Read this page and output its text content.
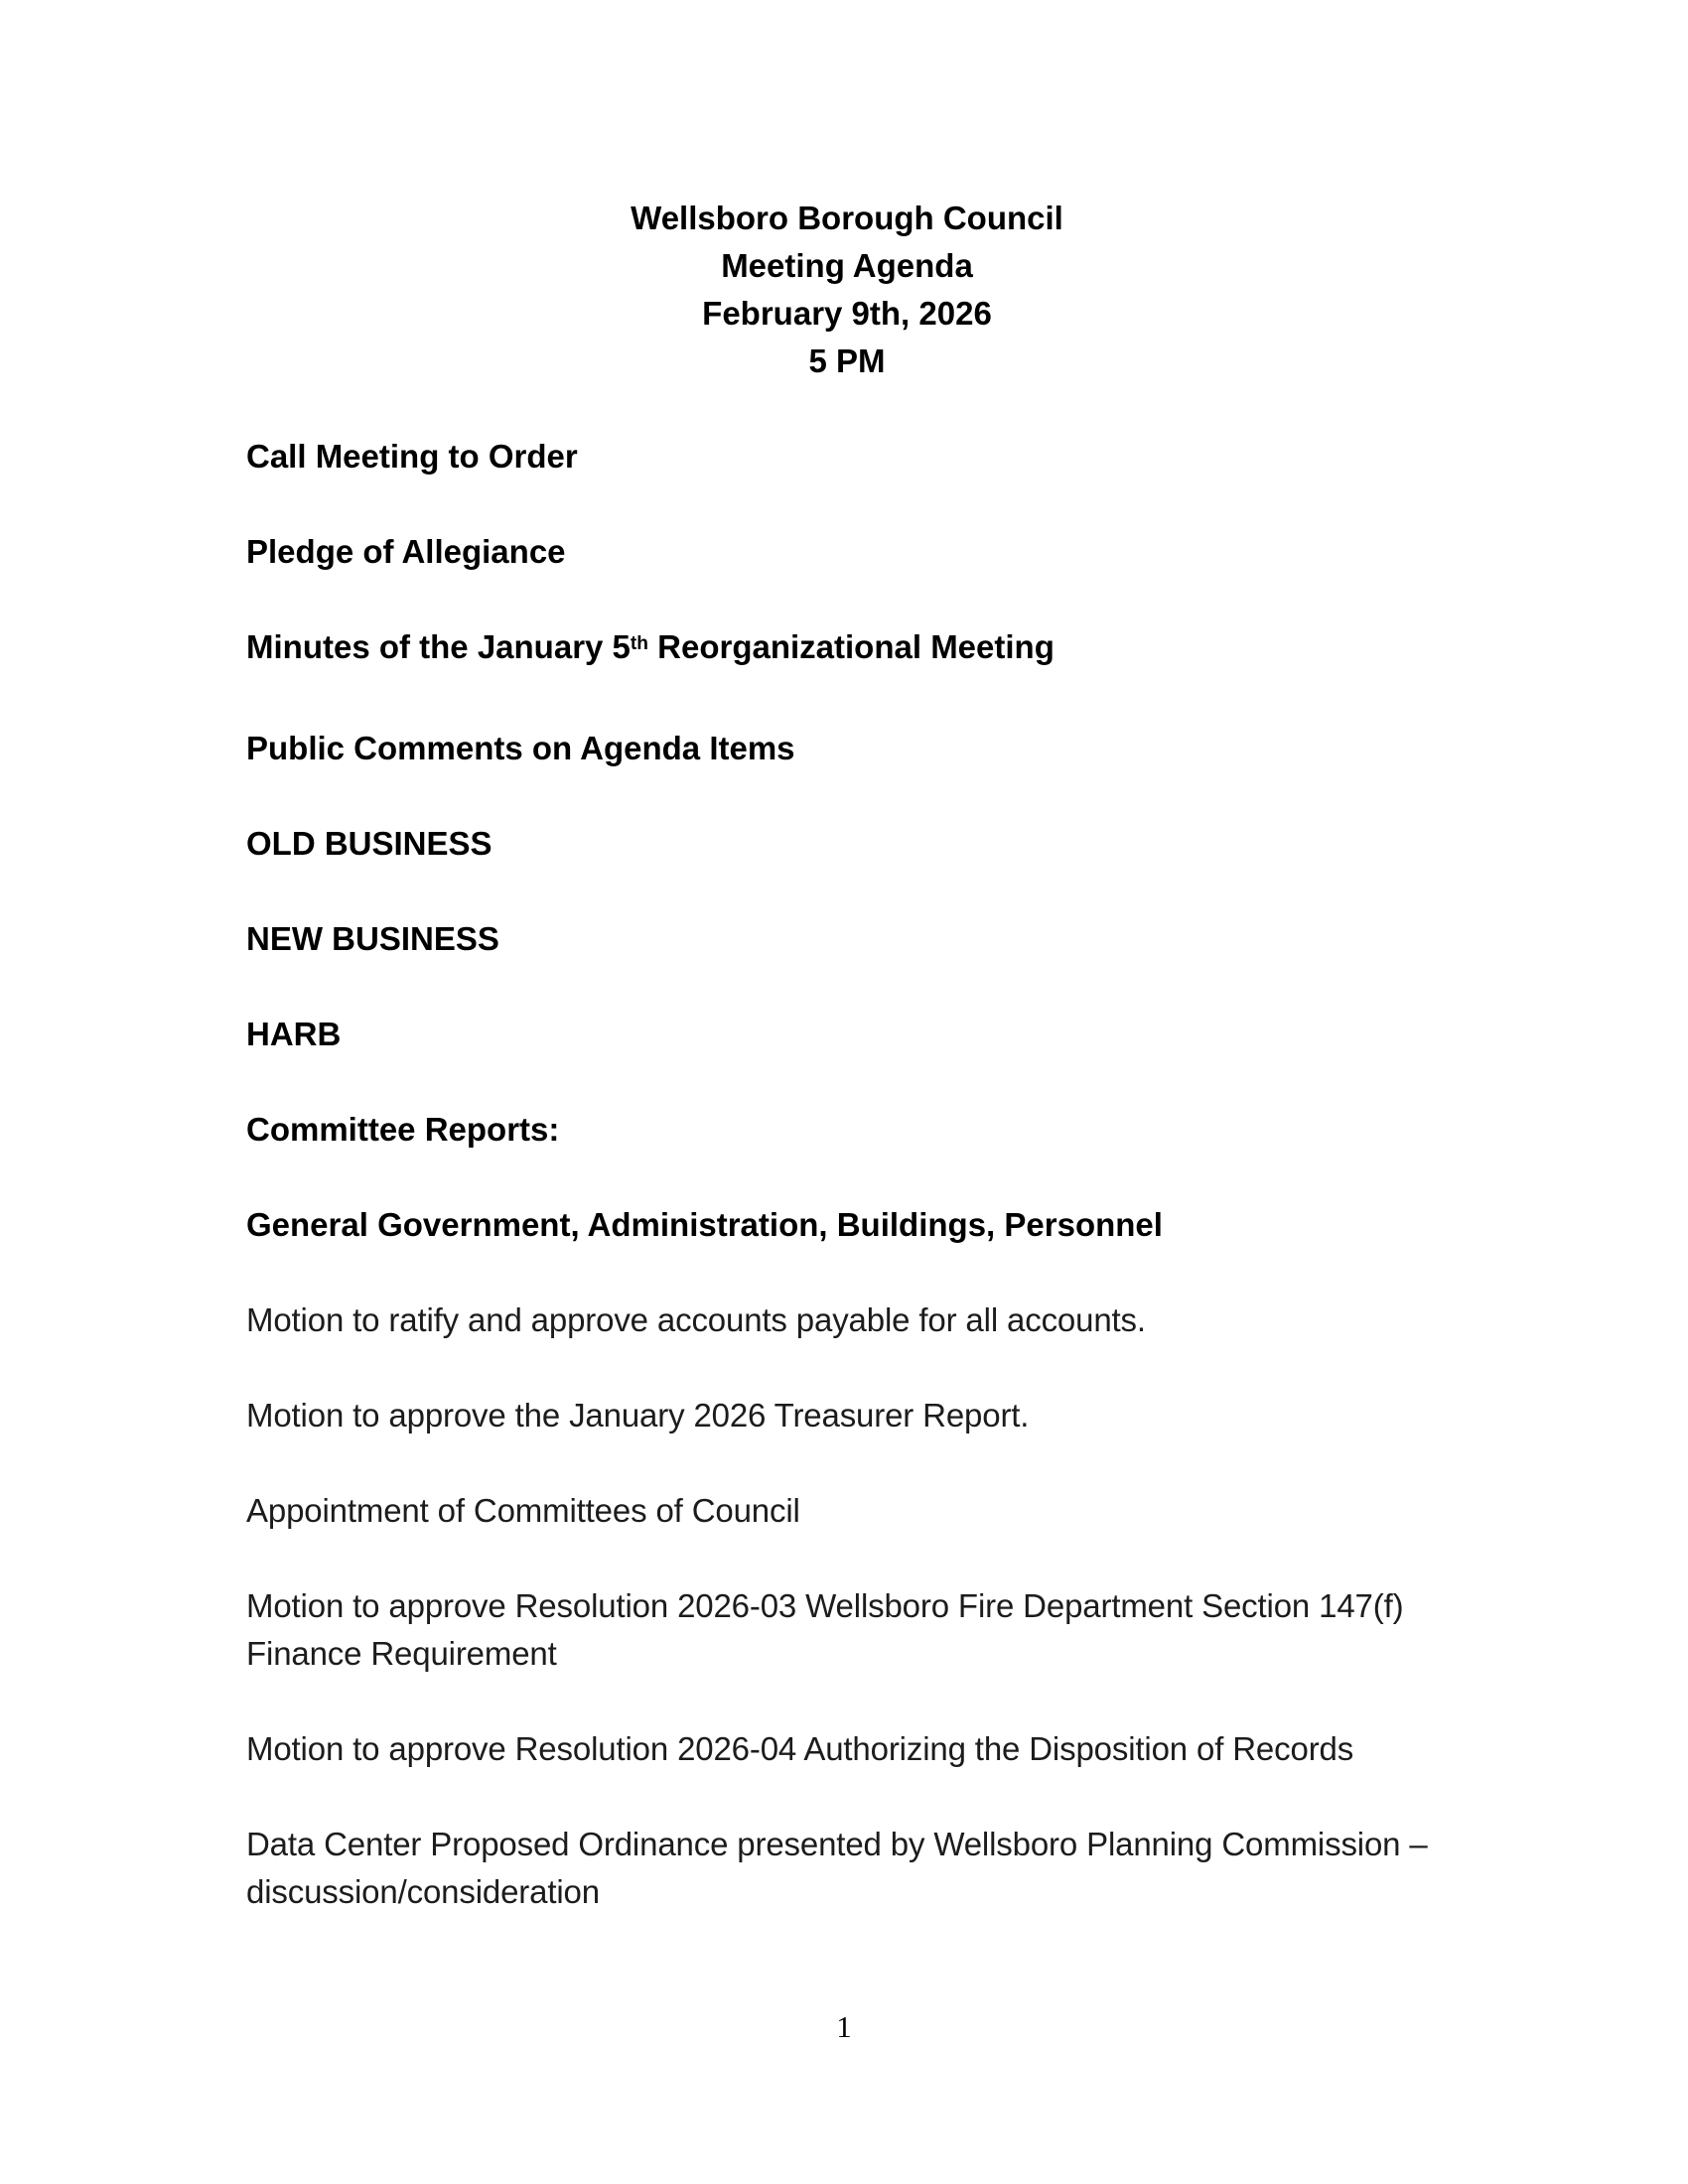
Wellsboro Borough Council
Meeting Agenda
February 9th, 2026
5 PM

Call Meeting to Order

Pledge of Allegiance

Minutes of the January 5th Reorganizational Meeting

Public Comments on Agenda Items

OLD BUSINESS

NEW BUSINESS

HARB

Committee Reports:

General Government, Administration, Buildings, Personnel

Motion to ratify and approve accounts payable for all accounts.

Motion to approve the January 2026 Treasurer Report.

Appointment of Committees of Council

Motion to approve Resolution 2026-03 Wellsboro Fire Department Section 147(f) Finance Requirement

Motion to approve Resolution 2026-04 Authorizing the Disposition of Records

Data Center Proposed Ordinance presented by Wellsboro Planning Commission – discussion/consideration

1
